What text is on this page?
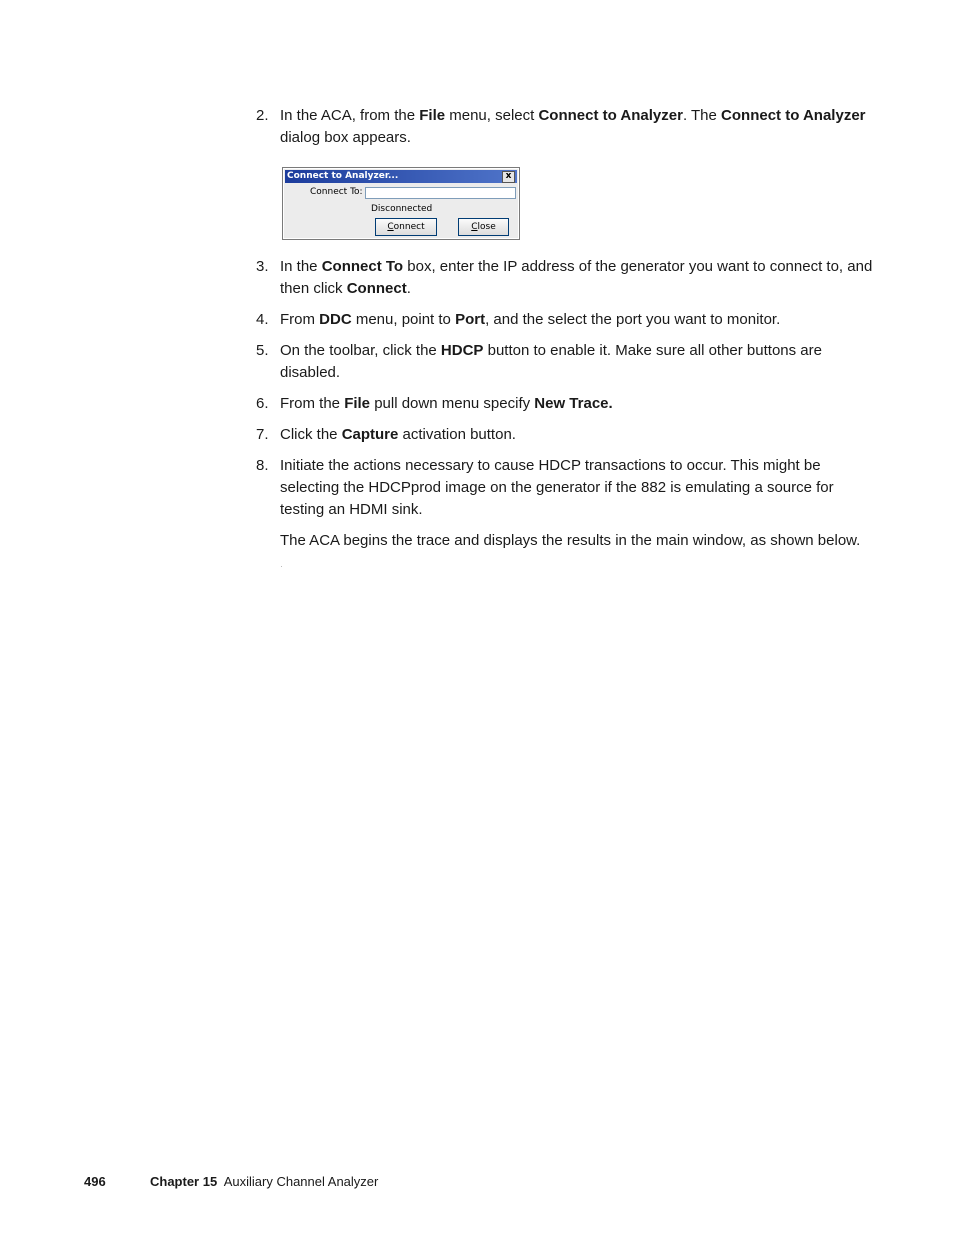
2. In the ACA, from the File menu, select Connect to Analyzer. The Connect to Analyzer dialog box appears.
Connect to Analyzer...	x
Connect To:
Disconnected
Connect	Close
3. In the Connect To box, enter the IP address of the generator you want to connect to, and then click Connect.
4. From DDC menu, point to Port, and the select the port you want to monitor.
5. On the toolbar, click the HDCP button to enable it. Make sure all other buttons are disabled.
6. From the File pull down menu specify New Trace.
7. Click the Capture activation button.
8. Initiate the actions necessary to cause HDCP transactions to occur. This might be selecting the HDCPprod image on the generator if the 882 is emulating a source for testing an HDMI sink.
The ACA begins the trace and displays the results in the main window, as shown below.
496	Chapter 15 Auxiliary Channel Analyzer
